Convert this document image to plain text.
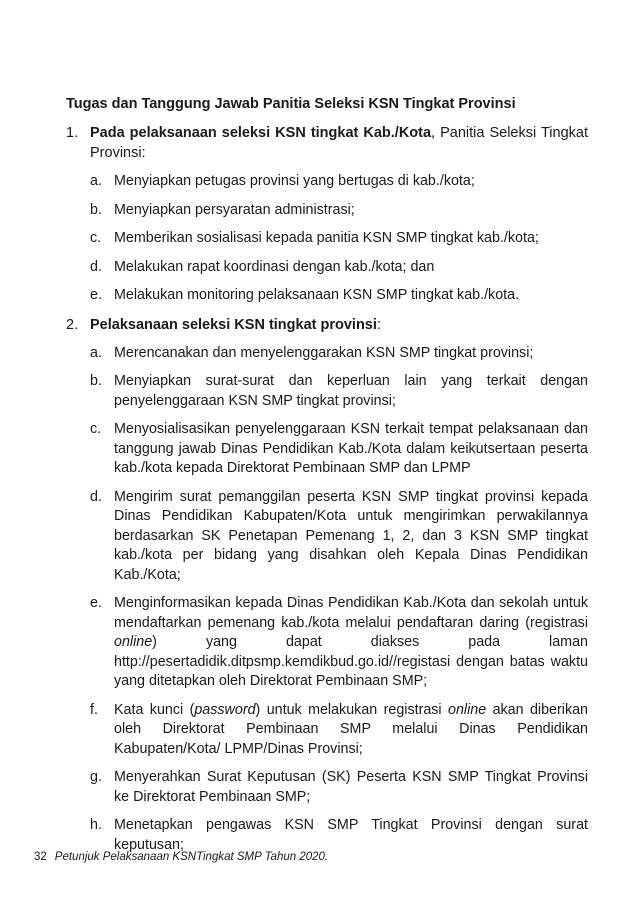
Tugas dan Tanggung Jawab Panitia Seleksi KSN Tingkat Provinsi
1. Pada pelaksanaan seleksi KSN tingkat Kab./Kota, Panitia Seleksi Tingkat Provinsi:
a. Menyiapkan petugas provinsi yang bertugas di kab./kota;
b. Menyiapkan persyaratan administrasi;
c. Memberikan sosialisasi kepada panitia KSN SMP tingkat kab./kota;
d. Melakukan rapat koordinasi dengan kab./kota; dan
e. Melakukan monitoring pelaksanaan KSN SMP tingkat kab./kota.
2. Pelaksanaan seleksi KSN tingkat provinsi:
a. Merencanakan dan menyelenggarakan KSN SMP tingkat provinsi;
b. Menyiapkan surat-surat dan keperluan lain yang terkait dengan penyelenggaraan KSN SMP tingkat provinsi;
c. Menyosialisasikan penyelenggaraan KSN terkait tempat pelaksanaan dan tanggung jawab Dinas Pendidikan Kab./Kota dalam keikutsertaan peserta kab./kota kepada Direktorat Pembinaan SMP dan LPMP
d. Mengirim surat pemanggilan peserta KSN SMP tingkat provinsi kepada Dinas Pendidikan Kabupaten/Kota untuk mengirimkan perwakilannya berdasarkan SK Penetapan Pemenang 1, 2, dan 3 KSN SMP tingkat kab./kota per bidang yang disahkan oleh Kepala Dinas Pendidikan Kab./Kota;
e. Menginformasikan kepada Dinas Pendidikan Kab./Kota dan sekolah untuk mendaftarkan pemenang kab./kota melalui pendaftaran daring (registrasi online) yang dapat diakses pada laman http://pesertadidik.ditpsmp.kemdikbud.go.id//registasi dengan batas waktu yang ditetapkan oleh Direktorat Pembinaan SMP;
f.	Kata kunci (password) untuk melakukan registrasi online akan diberikan oleh Direktorat Pembinaan SMP melalui Dinas Pendidikan Kabupaten/Kota/ LPMP/Dinas Provinsi;
g. Menyerahkan Surat Keputusan (SK) Peserta KSN SMP Tingkat Provinsi ke Direktorat Pembinaan SMP;
h. Menetapkan pengawas KSN SMP Tingkat Provinsi dengan surat keputusan;
32 Petunjuk Pelaksanaan KSNTingkat SMP Tahun 2020.
